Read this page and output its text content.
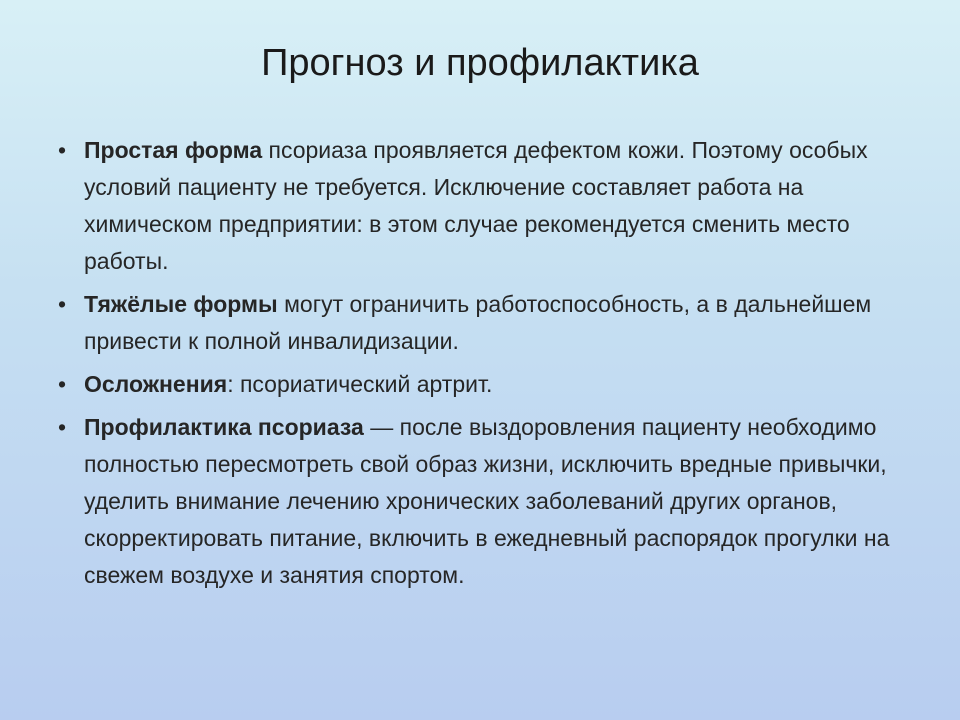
Прогноз и профилактика
• Простая форма псориаза проявляется дефектом кожи. Поэтому особых условий пациенту не требуется. Исключение составляет работа на химическом предприятии: в этом случае рекомендуется сменить место работы.
• Тяжёлые формы могут ограничить работоспособность, а в дальнейшем привести к полной инвалидизации.
• Осложнения: псориатический артрит.
• Профилактика псориаза — после выздоровления пациенту необходимо полностью пересмотреть свой образ жизни, исключить вредные привычки, уделить внимание лечению хронических заболеваний других органов, скорректировать питание, включить в ежедневный распорядок прогулки на свежем воздухе и занятия спортом.
